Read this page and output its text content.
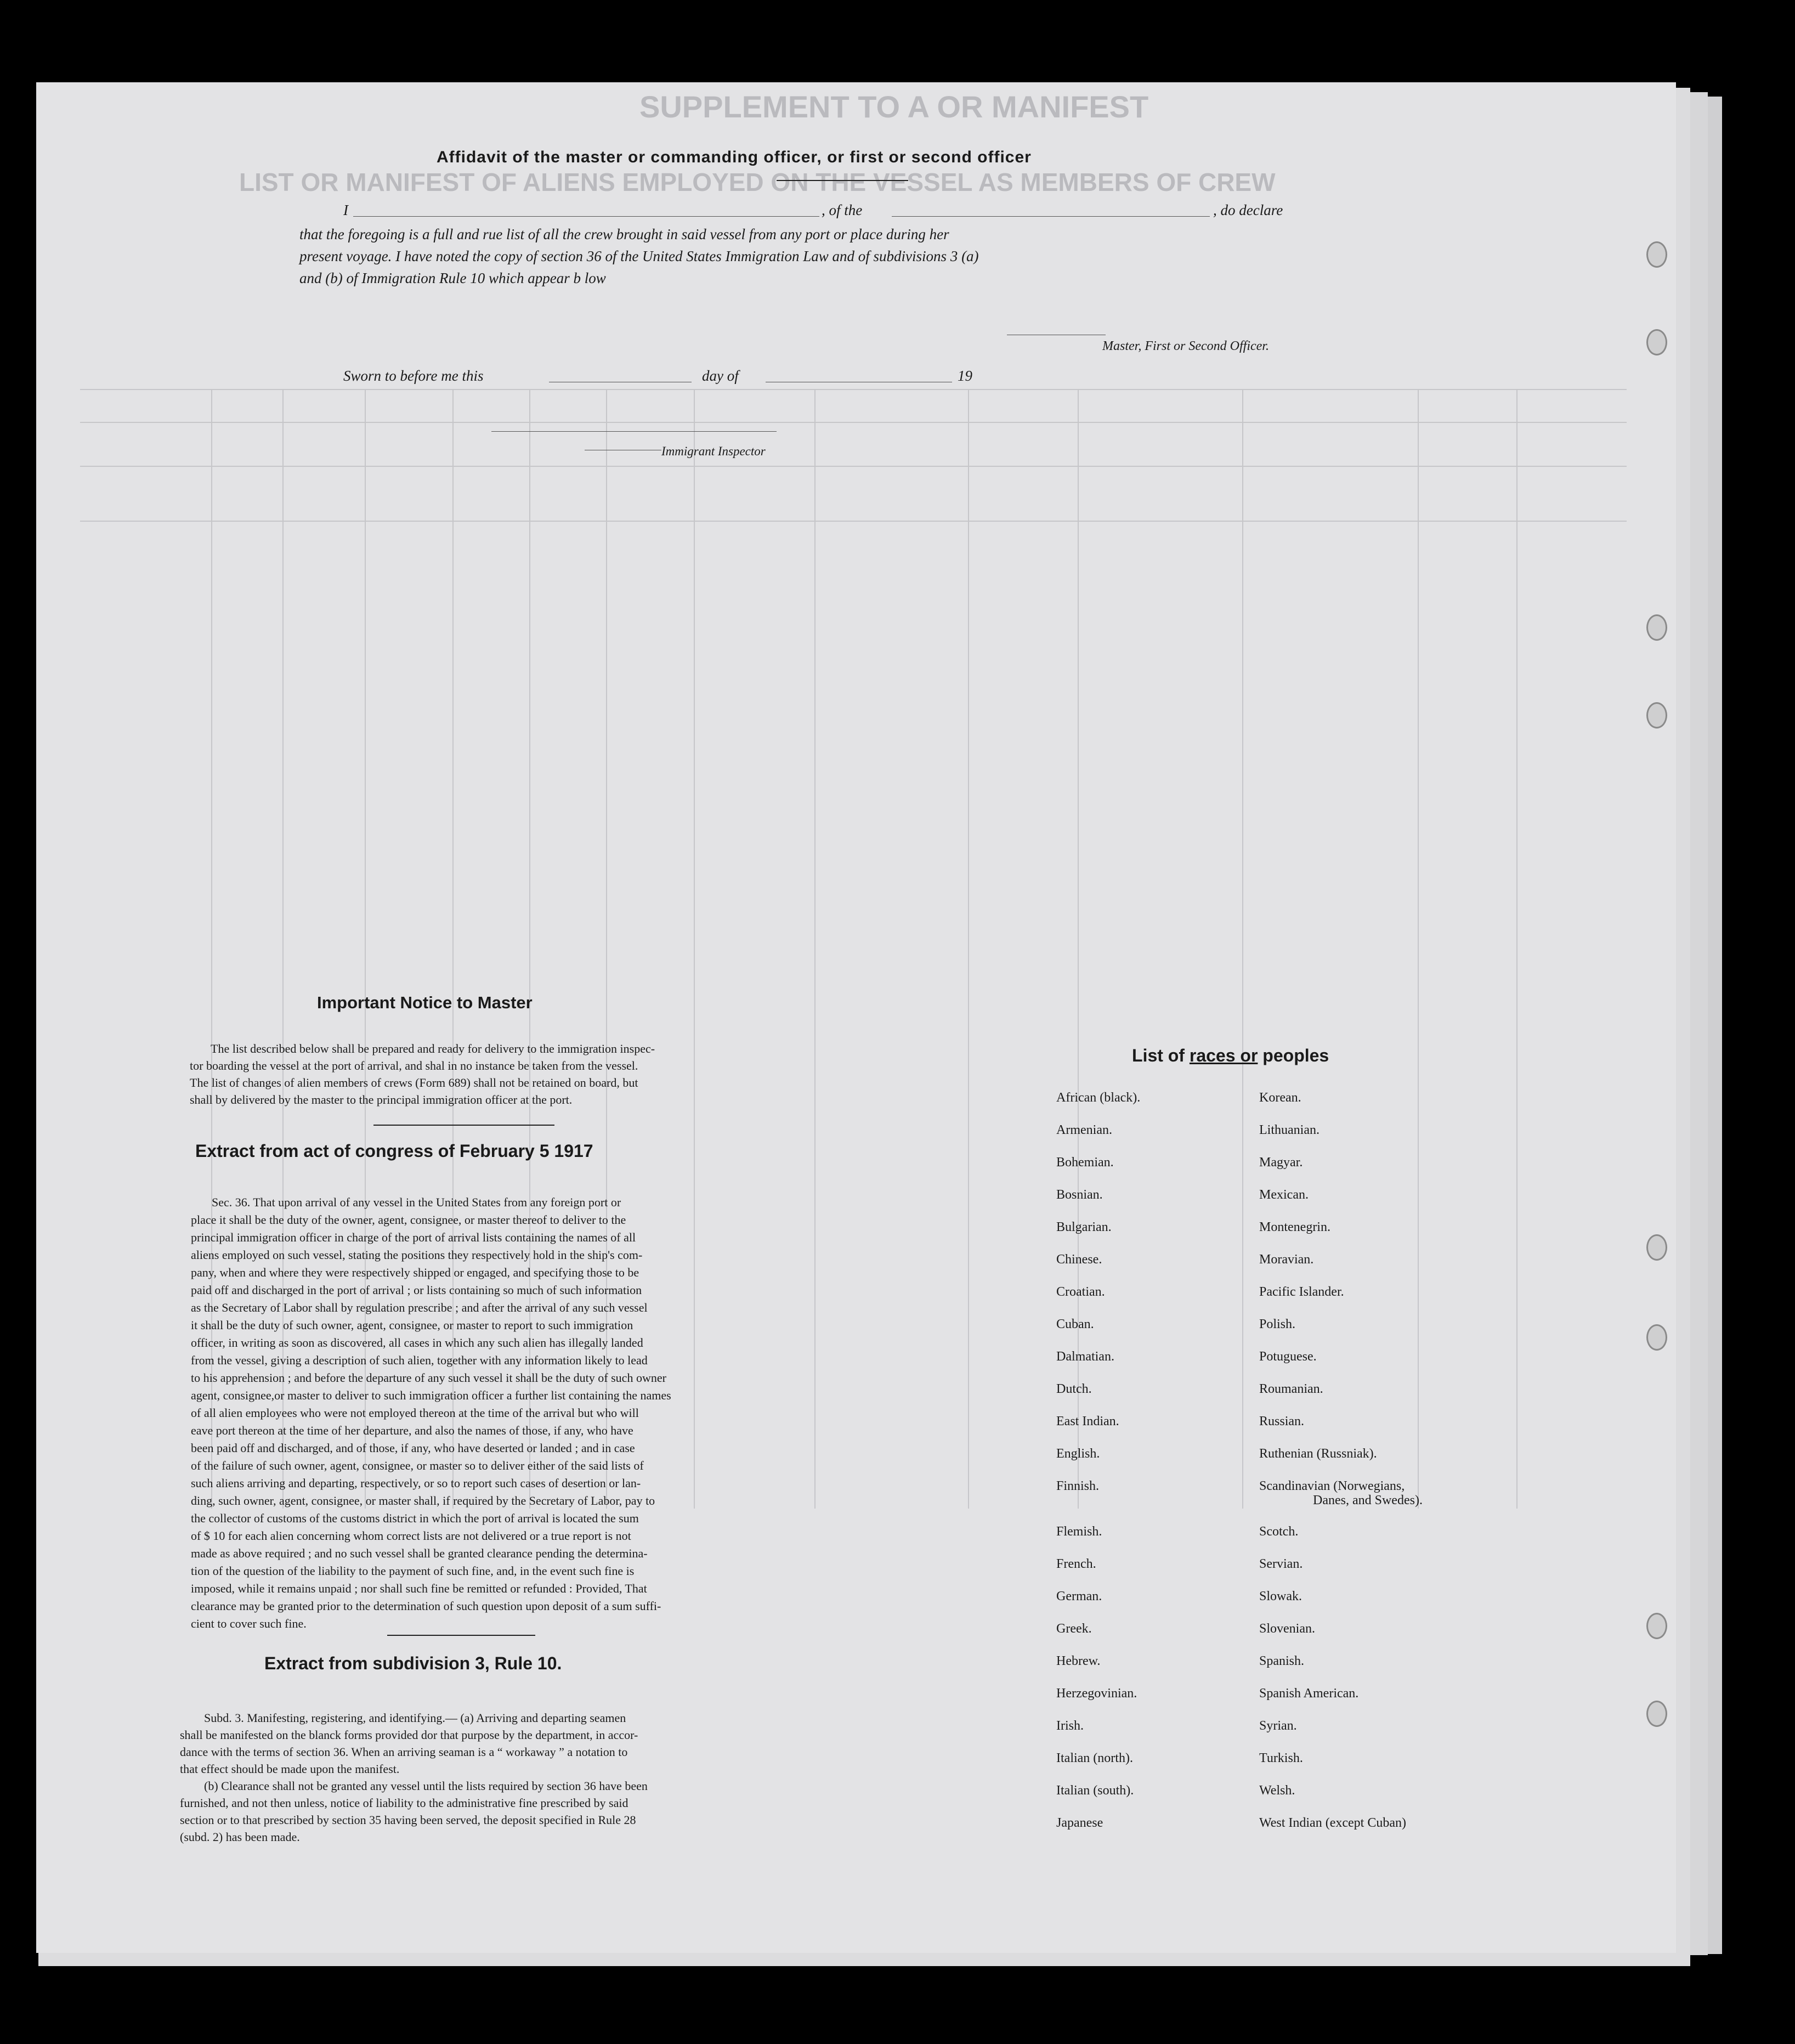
SUPPLEMENT TO A OR MANIFEST
LIST OR MANIFEST OF ALIENS EMPLOYED ON THE VESSEL AS MEMBERS OF CREW
Affidavit of the master or commanding officer, or first or second officer
I	, of the	, do declare
that the foregoing is a full and rue list of all the crew brought in said vessel from any port or place during her
present voyage. I have noted the copy of section 36 of the United States Immigration Law and of subdivisions 3 (a)
and (b) of Immigration Rule 10 which appear b low
Master, First or Second Officer.
Sworn to before me this	day of	19
Immigrant Inspector
Important Notice to Master
The list described below shall be prepared and ready for delivery to the immigration inspec-
tor boarding the vessel at the port of arrival, and shal in no instance be taken from the vessel.
The list of changes of alien members of crews (Form 689) shall not be retained on board, but
shall by delivered by the master to the principal immigration officer at the port.
Extract from act of congress of February 5 1917
Sec. 36. That upon arrival of any vessel in the United States from any foreign port or
place it shall be the duty of the owner, agent, consignee, or master thereof to deliver to the
principal immigration officer in charge of the port of arrival lists containing the names of all
aliens employed on such vessel, stating the positions they respectively hold in the ship's com-
pany, when and where they were respectively shipped or engaged, and specifying those to be
paid off and discharged in the port of arrival ; or lists containing so much of such information
as the Secretary of Labor shall by regulation prescribe ; and after the arrival of any such vessel
it shall be the duty of such owner, agent, consignee, or master to report to such immigration
officer, in writing as soon as discovered, all cases in which any such alien has illegally landed
from the vessel, giving a description of such alien, together with any information likely to lead
to his apprehension ; and before the departure of any such vessel it shall be the duty of such owner
agent, consignee,or master to deliver to such immigration officer a further list containing the names
of all alien employees who were not employed thereon at the time of the arrival but who will
eave port thereon at the time of her departure, and also the names of those, if any, who have
been paid off and discharged, and of those, if any, who have deserted or landed ; and in case
of the failure of such owner, agent, consignee, or master so to deliver either of the said lists of
such aliens arriving and departing, respectively, or so to report such cases of desertion or lan-
ding, such owner, agent, consignee, or master shall, if required by the Secretary of Labor, pay to
the collector of customs of the customs district in which the port of arrival is located the sum
of $ 10 for each alien concerning whom correct lists are not delivered or a true report is not
made as above required ; and no such vessel shall be granted clearance pending the determina-
tion of the question of the liability to the payment of such fine, and, in the event such fine is
imposed, while it remains unpaid ; nor shall such fine be remitted or refunded : Provided, That
clearance may be granted prior to the determination of such question upon deposit of a sum suffi-
cient to cover such fine.
Extract from subdivision 3, Rule 10.
Subd. 3. Manifesting, registering, and identifying.— (a) Arriving and departing seamen
shall be manifested on the blanck forms provided dor that purpose by the department, in accor-
dance with the terms of section 36. When an arriving seaman is a “ workaway ” a notation to
that effect should be made upon the manifest.
(b) Clearance shall not be granted any vessel until the lists required by section 36 have been
furnished, and not then unless, notice of liability to the administrative fine prescribed by said
section or to that prescribed by section 35 having been served, the deposit specified in Rule 28
(subd. 2) has been made.
List of races or peoples
African (black).
Armenian.
Bohemian.
Bosnian.
Bulgarian.
Chinese.
Croatian.
Cuban.
Dalmatian.
Dutch.
East Indian.
English.
Finnish.
Flemish.
French.
German.
Greek.
Hebrew.
Herzegovinian.
Irish.
Italian (north).
Italian (south).
Japanese
Korean.
Lithuanian.
Magyar.
Mexican.
Montenegrin.
Moravian.
Pacific Islander.
Polish.
Potuguese.
Roumanian.
Russian.
Ruthenian (Russniak).
Scandinavian (Norwegians,
Danes, and Swedes).
Scotch.
Servian.
Slowak.
Slovenian.
Spanish.
Spanish American.
Syrian.
Turkish.
Welsh.
West Indian (except Cuban)
